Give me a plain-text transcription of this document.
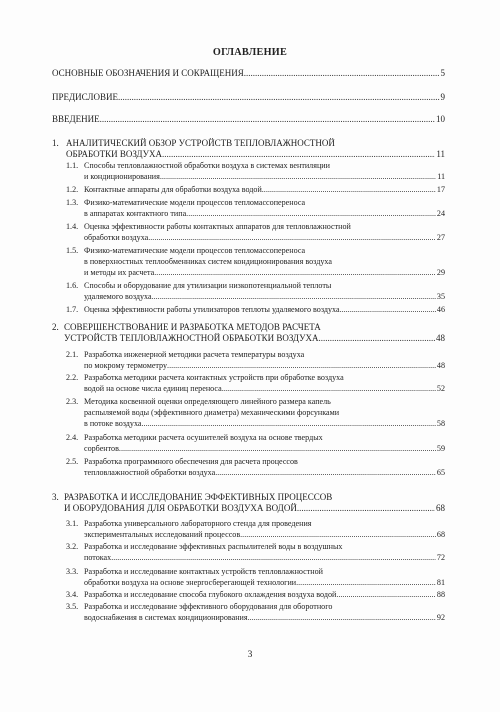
ОГЛАВЛЕНИЕ
ОСНОВНЫЕ ОБОЗНАЧЕНИЯ И СОКРАЩЕНИЯ .....	5
ПРЕДИСЛОВИЕ .....	9
ВВЕДЕНИЕ .....	10
1. АНАЛИТИЧЕСКИЙ ОБЗОР УСТРОЙСТВ ТЕПЛОВЛАЖНОСТНОЙ
ОБРАБОТКИ ВОЗДУХА .....	11
1.1. Способы тепловлажностной обработки воздуха в системах вентиляции
и кондиционирования .....	11
1.2. Контактные аппараты для обработки воздуха водой .....	17
1.3. Физико-математические модели процессов тепломассопереноса
в аппаратах контактного типа .....	24
1.4. Оценка эффективности работы контактных аппаратов для тепловлажностной
обработки воздуха .....	27
1.5. Физико-математические модели процессов тепломассопереноса
в поверхностных теплообменниках систем кондиционирования воздуха
и методы их расчета .....	29
1.6. Способы и оборудование для утилизации низкопотенциальной теплоты
удаляемого воздуха .....	35
1.7. Оценка эффективности работы утилизаторов теплоты удаляемого воздуха .....	46
2. СОВЕРШЕНСТВОВАНИЕ И РАЗРАБОТКА МЕТОДОВ РАСЧЕТА
УСТРОЙСТВ ТЕПЛОВЛАЖНОСТНОЙ ОБРАБОТКИ ВОЗДУХА .....	48
2.1. Разработка инженерной методики расчета температуры воздуха
по мокрому термометру .....	48
2.2. Разработка методики расчета контактных устройств при обработке воздуха
водой на основе числа единиц переноса .....	52
2.3. Методика косвенной оценки определяющего линейного размера капель
распыляемой воды (эффективного диаметра) механическими форсунками
в потоке воздуха .....	58
2.4. Разработка методики расчета осушителей воздуха на основе твердых
сорбентов .....	59
2.5. Разработка программного обеспечения для расчета процессов
тепловлажностной обработки воздуха .....	65
3. РАЗРАБОТКА И ИССЛЕДОВАНИЕ ЭФФЕКТИВНЫХ ПРОЦЕССОВ
И ОБОРУДОВАНИЯ ДЛЯ ОБРАБОТКИ ВОЗДУХА ВОДОЙ .....	68
3.1. Разработка универсального лабораторного стенда для проведения
экспериментальных исследований процессов .....	68
3.2. Разработка и исследование эффективных распылителей воды в воздушных
потоках .....	72
3.3. Разработка и исследование контактных устройств тепловлажностной
обработки воздуха на основе энергосберегающей технологии .....	81
3.4. Разработка и исследование способа глубокого охлаждения воздуха водой .....	88
3.5. Разработка и исследование эффективного оборудования для оборотного
водоснабжения в системах кондиционирования .....	92
3
